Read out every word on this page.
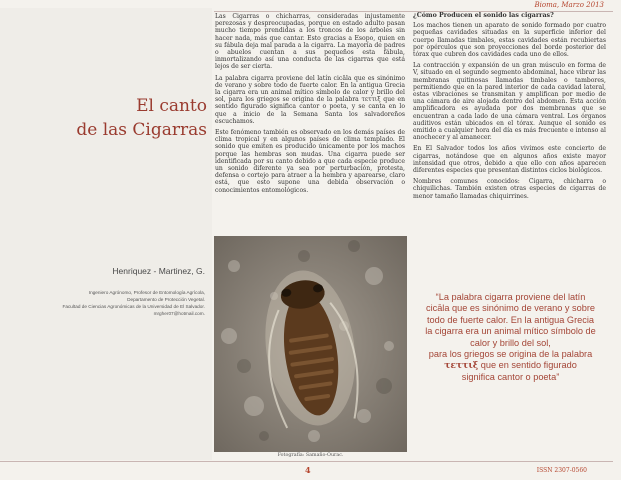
Bioma, Marzo 2013
El canto
de las Cigarras
Henriquez - Martinez, G.
Ingeniero Agrónomo, Profesor de Entomología Agrícola,
Departamento de Protección Vegetal.
Facultad de Ciencias Agronómicas de la Universidad de El Salvador.
mrgher07@hotmail.com.

Las Cigarras o chicharras, consideradas injustamente perezosas y despreocupadas, porque en estado adulto pasan mucho tiempo prendidas a los troncos de los árboles sin hacer nada, más que cantar. Esto gracias a Esopo, quien en su fábula deja mal parada a la cigarra. La mayoría de padres o abuelos cuentan a sus pequeños esta fábula, inmortalizando así una conducta de las cigarras que está lejos de ser cierta.

La palabra cigarra proviene del latín cicāla que es sinónimo de verano y sobre todo de fuerte calor. En la antigua Grecia la cigarra era un animal mítico símbolo de calor y brillo del sol, para los griegos se origina de la palabra τεττιξ que en sentido figurado significa cantor o poeta, y se canta en lo que a inicio de la Semana Santa los salvadoreños escuchamos.

Este fenómeno también es observado en los demás países de clima tropical y en algunos países de clima templado. El sonido que emiten es producido únicamente por los machos porque las hembras son mudas. Una cigarra puede ser identificada por su canto debido a que cada especie produce un sonido diferente ya sea por perturbación, protesta, defensa o cortejo para atraer a la hembra y aparearse, claro está, que esto supone una debida observación o conocimientos entomológicos.

Fotografía: Samaño-Ourac.
¿Cómo Producen el sonido las cigarras?

Los machos tienen un aparato de sonido formado por cuatro pequeñas cavidades situadas en la superficie inferior del cuerpo llamadas timbales, estas cavidades están recubiertas por opérculos que son proyecciones del borde posterior del tórax que cubren dos cavidades cada uno de ellos.

La contracción y expansión de un gran músculo en forma de V, situado en el segundo segmento abdominal, hace vibrar las membranas quitinosas llamadas timbales o tambores, permitiendo que en la pared interior de cada cavidad lateral, estas vibraciones se transmitan y amplifican por medio de una cámara de aire alojada dentro del abdomen. Esta acción amplificadora es ayudada por dos membranas que se encuentran a cada lado de una cámara ventral. Los órganos auditivos están ubicados en el tórax. Aunque el sonido es emitido a cualquier hora del día es más frecuente e intenso al anochecer y al amanecer.

En El Salvador todos los años vivimos este concierto de cigarras, notándose que en algunos años existe mayor intensidad que otros, debido a que ello con años aparecen diferentes especies que presentan distintos ciclos biológicos.

Nombres comunes conocidos: Cigarra, chicharra o chiquilichas. También existen otras especies de cigarras de menor tamaño llamadas chiquirrines.

“La palabra cigarra proviene del latín
cicāla que es sinónimo de verano y sobre
todo de fuerte calor. En la antigua Grecia
la cigarra era un animal mítico símbolo de
calor y brillo del sol,
para los griegos se origina de la palabra
τεττιξ que en sentido figurado
significa cantor o poeta”
4	ISSN 2307-0560
